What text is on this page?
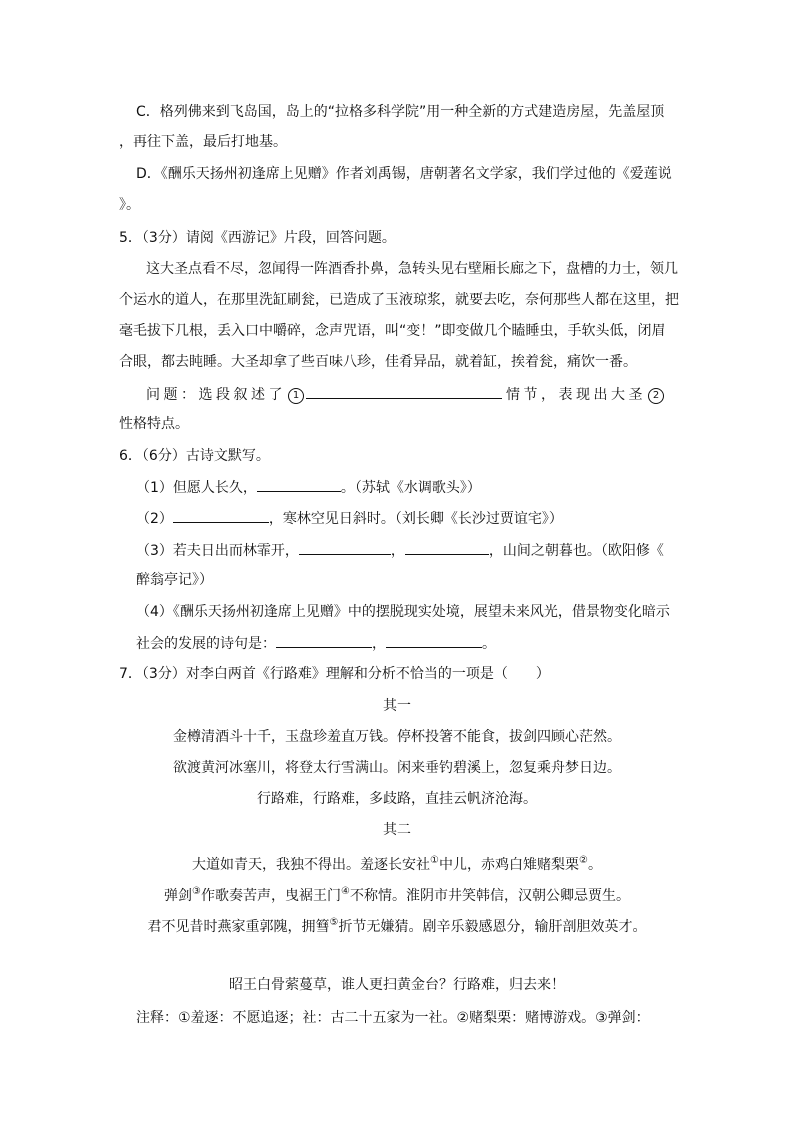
C．格列佛来到飞岛国，岛上的“拉格多科学院”用一种全新的方式建造房屋，先盖屋顶
，再往下盖，最后打地基。
D．《酬乐天扬州初逢席上见赠》作者刘禹锡，唐朝著名文学家，我们学过他的《爱莲说
》。
5．（3分）请阅《西游记》片段，回答问题。
这大圣点看不尽，忽闻得一阵酒香扑鼻，急转头见右壁厢长廊之下，盘槽的力士，领几
个运水的道人，在那里洗缸刷瓮，已造成了玉液琼浆，就要去吃，奈何那些人都在这里，把
毫毛拔下几根，丢入口中嚼碎，念声咒语，叫“变！”即变做几个瞌睡虫，手软头低，闭眉
合眼，都去盹睡。大圣却拿了些百味八珍，佳肴异品，就着缸，挨着瓮，痛饮一番。
问题：选段叙述了 1	情节，表现出大圣 2
性格特点。
6．（6分）古诗文默写。
（1）但愿人长久，	。（苏轼《水调歌头》）
（2）	，寒林空见日斜时。（刘长卿《长沙过贾谊宅》）
（3）若夫日出而林霏开，	，	，山间之朝暮也。（欧阳修《
醉翁亭记》）
（4）《酬乐天扬州初逢席上见赠》中的摆脱现实处境，展望未来风光，借景物变化暗示
社会的发展的诗句是：	，	。
7．（3分）对李白两首《行路难》理解和分析不恰当的一项是（　　）
其一
金樽清酒斗十千，玉盘珍羞直万钱。停杯投箸不能食，拔剑四顾心茫然。
欲渡黄河冰塞川，将登太行雪满山。闲来垂钓碧溪上，忽复乘舟梦日边。
行路难，行路难，多歧路，直挂云帆济沧海。
其二
大道如青天，我独不得出。羞逐长安社①中儿，赤鸡白雉赌梨栗②。
弹剑③作歌奏苦声，曳裾王门④不称情。淮阴市井笑韩信，汉朝公卿忌贾生。
君不见昔时燕家重郭隗，拥篲⑤折节无嫌猜。剧辛乐毅感恩分，输肝剖胆效英才。
昭王白骨萦蔓草，谁人更扫黄金台？行路难，归去来！
注释：①羞逐：不愿追逐；社：古二十五家为一社。②赌梨栗：赌博游戏。③弹剑：
